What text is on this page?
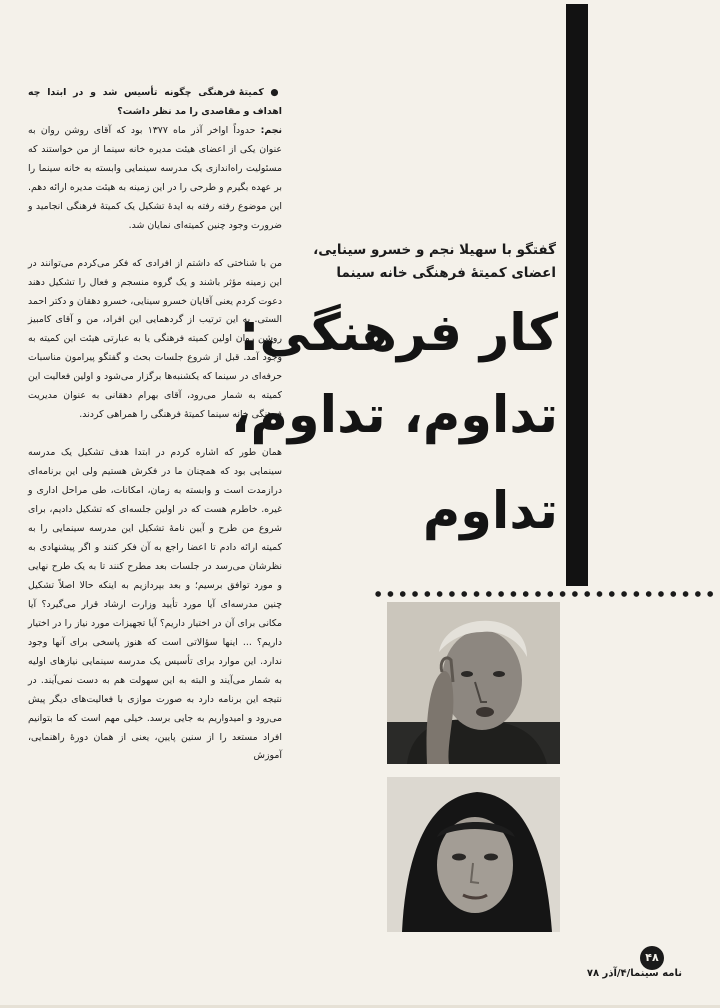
● کمیتهٔ فرهنگی چگونه تأسیس شد و در ابتدا چه اهداف و مقاصدی را مد نظر داشت؟

نجم: حدوداً اواخر آذر ماه ۱۳۷۷ بود که آقای روشن روان به عنوان یکی از اعضای هیئت مدیره خانه سینما از من خواستند که مسئولیت راه‌اندازی یک مدرسه سینمایی وابسته به خانه سینما را بر عهده بگیرم و طرحی را در این زمینه به هیئت مدیره ارائه دهم. این موضوع رفته رفته به ایدهٔ تشکیل یک کمیتهٔ فرهنگی انجامید و ضرورت وجود چنین کمیته‌ای نمایان شد.

من با شناختی که داشتم از افرادی که فکر می‌کردم می‌توانند در این زمینه مؤثر باشند و یک گروه منسجم و فعال را تشکیل دهند دعوت کردم یعنی آقایان خسرو سینایی، خسرو دهقان و دکتر احمد الستی. به این ترتیب از گردهمایی این افراد، من و آقای کامبیز روشن روان اولین کمیته فرهنگی یا به عبارتی هیئت این کمیته به وجود آمد. قبل از شروع جلسات بحث و گفتگو پیرامون مناسبات حرفه‌ای در سینما که یکشنبه‌ها برگزار می‌شود و اولین فعالیت این کمیته به شمار می‌رود، آقای بهرام دهقانی به عنوان مدیریت فرهنگی خانه سینما کمیتهٔ فرهنگی را همراهی کردند.

همان طور که اشاره کردم در ابتدا هدف تشکیل یک مدرسه سینمایی بود که همچنان ما در فکرش هستیم ولی این برنامه‌ای درازمدت است و وابسته به زمان، امکانات، طی مراحل اداری و غیره. خاطرم هست که در اولین جلسه‌ای که تشکیل دادیم، برای شروع من طرح و آیین نامهٔ تشکیل این مدرسه سینمایی را به کمیته ارائه دادم تا اعضا راجع به آن فکر کنند و اگر پیشنهادی به نظرشان می‌رسد در جلسات بعد مطرح کنند تا به یک طرح نهایی و مورد توافق برسیم؛ و بعد بپردازیم به اینکه حالا اصلاً تشکیل چنین مدرسه‌ای آیا مورد تأیید وزارت ارشاد قرار می‌گیرد؟ آیا مکانی برای آن در اختیار داریم؟ آیا تجهیزات مورد نیاز را در اختیار داریم؟ ... اینها سؤالاتی است که هنوز پاسخی برای آنها وجود ندارد. این موارد برای تأسیس یک مدرسه سینمایی نیازهای اولیه به شمار می‌آیند و البته به این سهولت هم به دست نمی‌آیند. در نتیجه این برنامه دارد به صورت موازی با فعالیت‌های دیگر پیش می‌رود و امیدواریم به جایی برسد. خیلی مهم است که ما بتوانیم افراد مستعد را از سنین پایین، یعنی از همان دورهٔ راهنمایی، آموزش

گفتگو با سهیلا نجم و خسرو سینایی،
اعضای کمیتهٔ فرهنگی خانه سینما
کار فرهنگی:
تداوم، تداوم،
تداوم
۴۸
نامه سینما/۴/آذر ۷۸
